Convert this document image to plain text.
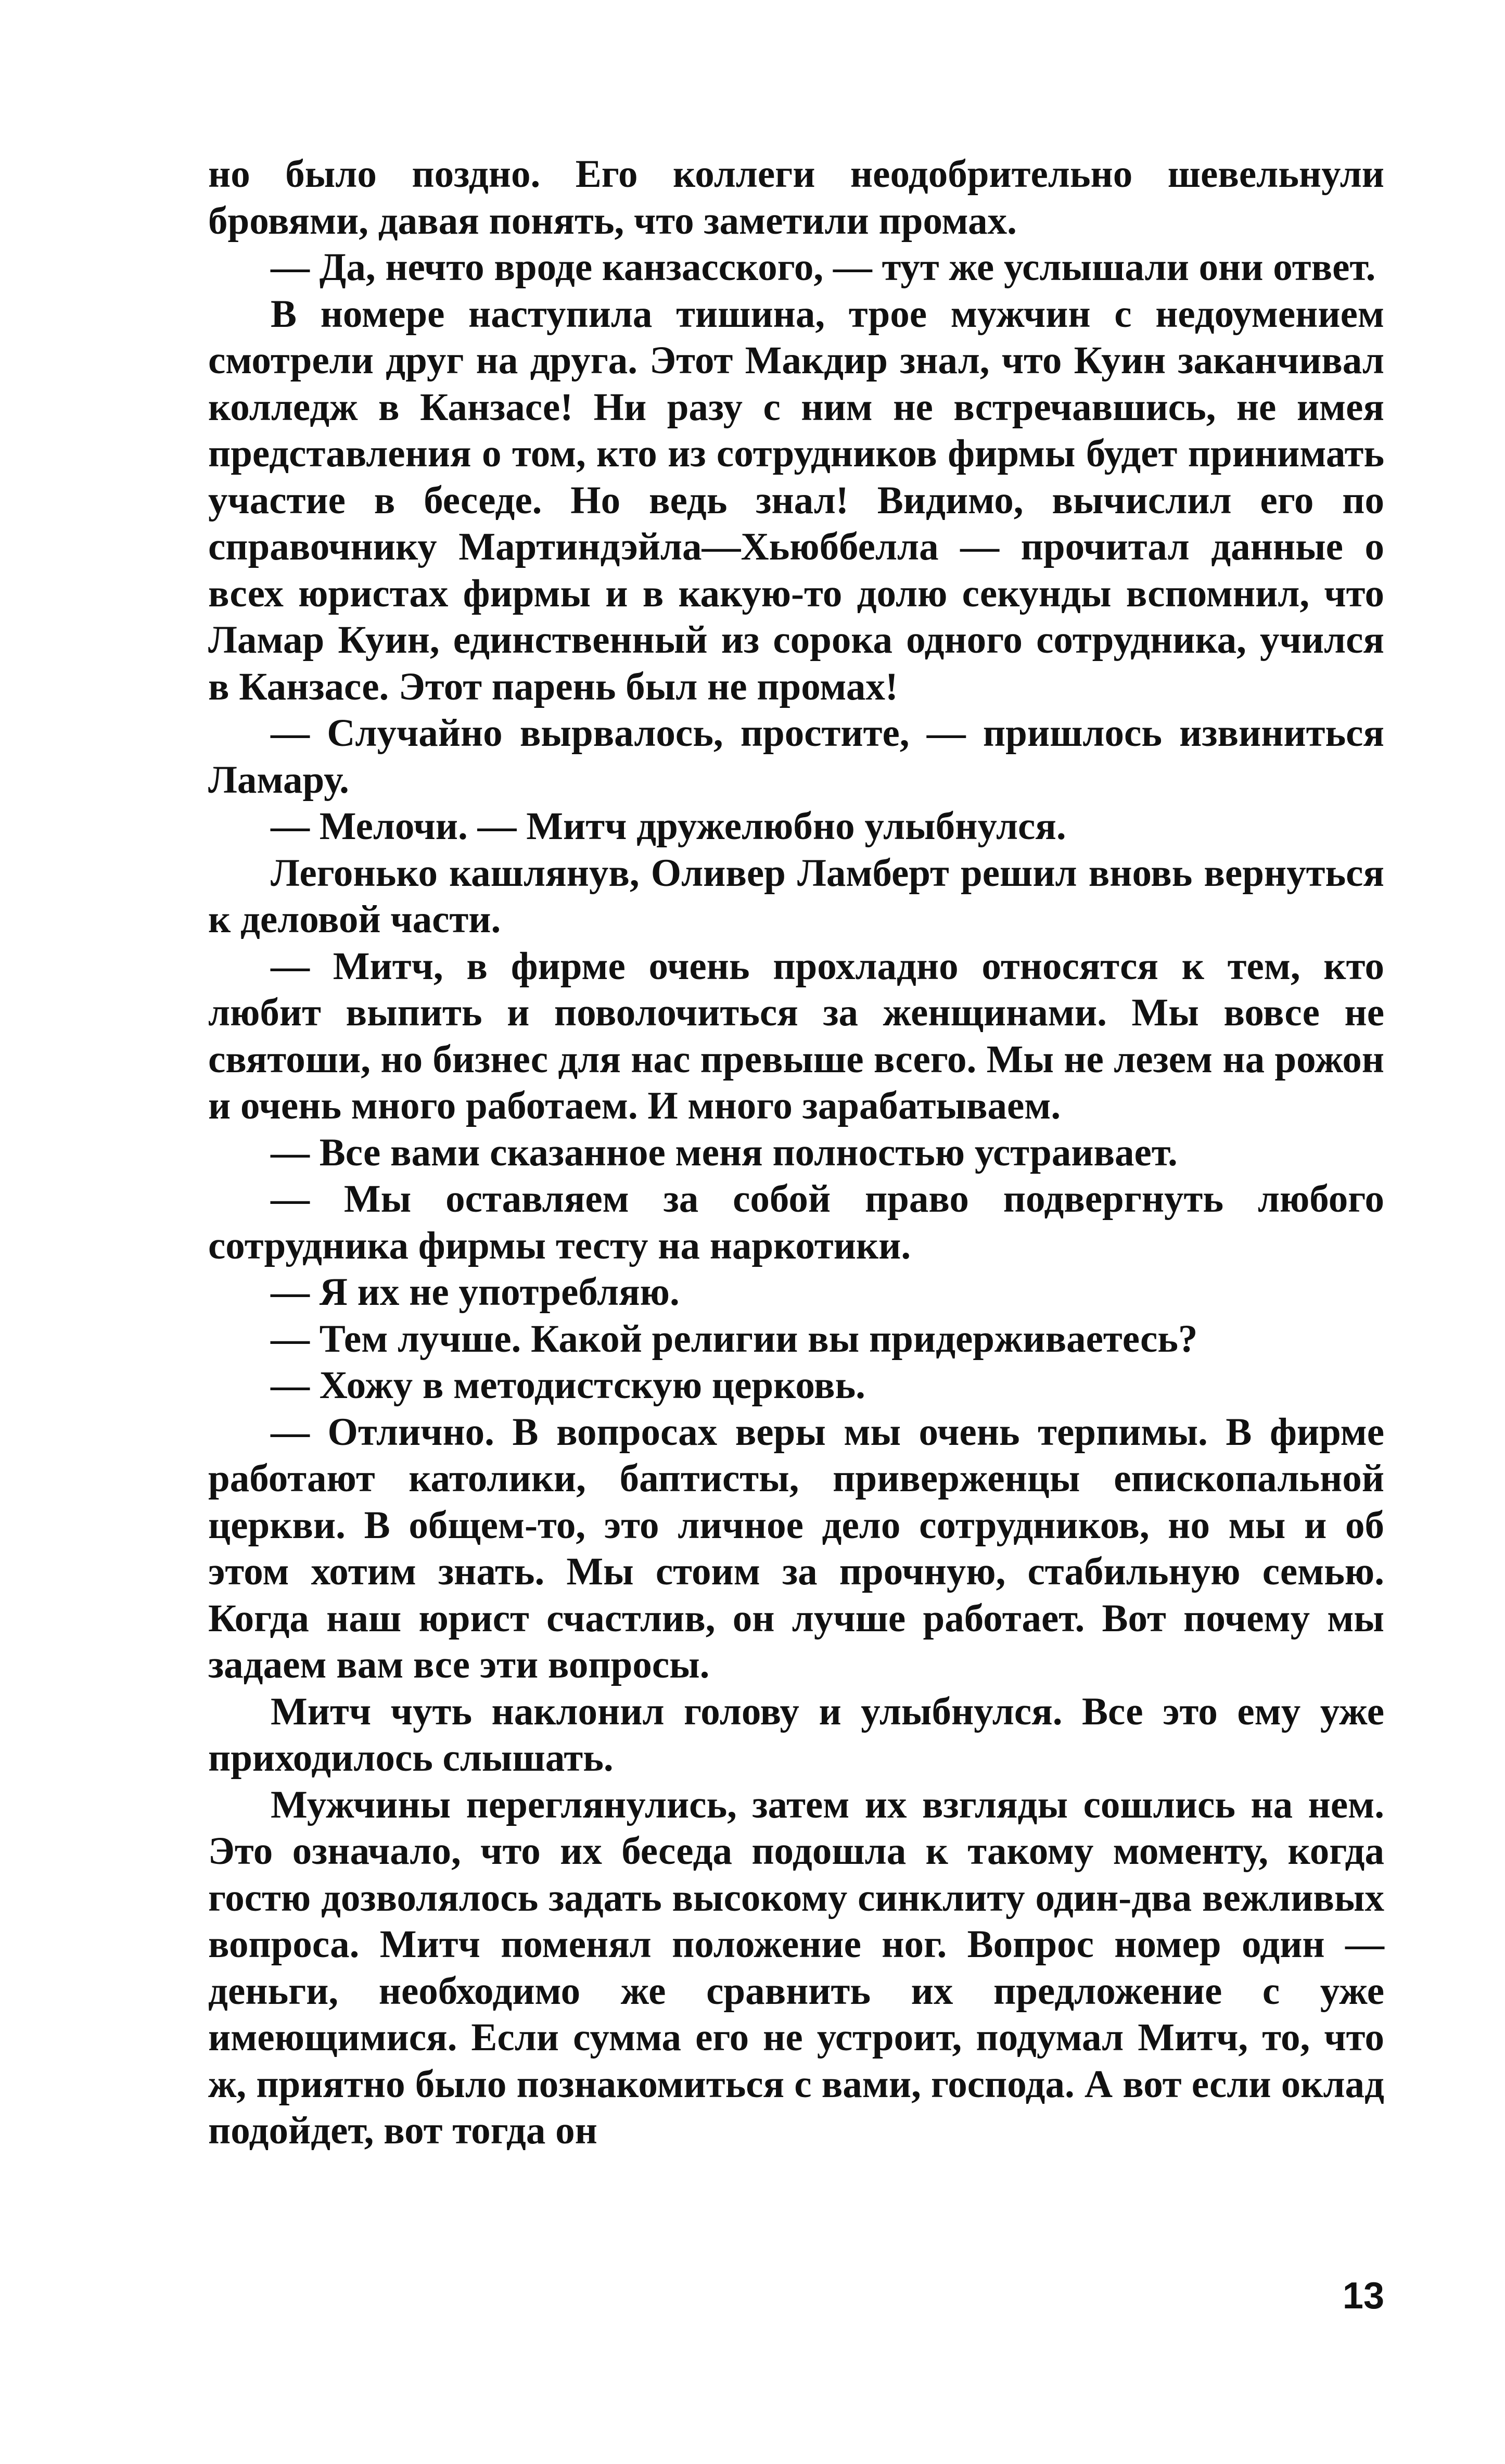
но было поздно. Его коллеги неодобрительно шевельнули бровями, давая понять, что заметили промах.

— Да, нечто вроде канзасского, — тут же услышали они ответ.

В номере наступила тишина, трое мужчин с недоумением смотрели друг на друга. Этот Макдир знал, что Куин заканчивал колледж в Канзасе! Ни разу с ним не встречавшись, не имея представления о том, кто из сотрудников фирмы будет принимать участие в беседе. Но ведь знал! Видимо, вычислил его по справочнику Мартиндэйла—Хьюббелла — прочитал данные о всех юристах фирмы и в какую-то долю секунды вспомнил, что Ламар Куин, единственный из сорока одного сотрудника, учился в Канзасе. Этот парень был не промах!

— Случайно вырвалось, простите, — пришлось извиниться Ламару.

— Мелочи. — Митч дружелюбно улыбнулся.

Легонько кашлянув, Оливер Ламберт решил вновь вернуться к деловой части.

— Митч, в фирме очень прохладно относятся к тем, кто любит выпить и поволочиться за женщинами. Мы вовсе не святоши, но бизнес для нас превыше всего. Мы не лезем на рожон и очень много работаем. И много зарабатываем.

— Все вами сказанное меня полностью устраивает.

— Мы оставляем за собой право подвергнуть любого сотрудника фирмы тесту на наркотики.

— Я их не употребляю.

— Тем лучше. Какой религии вы придерживаетесь?

— Хожу в методистскую церковь.

— Отлично. В вопросах веры мы очень терпимы. В фирме работают католики, баптисты, приверженцы епископальной церкви. В общем-то, это личное дело сотрудников, но мы и об этом хотим знать. Мы стоим за прочную, стабильную семью. Когда наш юрист счастлив, он лучше работает. Вот почему мы задаем вам все эти вопросы.

Митч чуть наклонил голову и улыбнулся. Все это ему уже приходилось слышать.

Мужчины переглянулись, затем их взгляды сошлись на нем. Это означало, что их беседа подошла к такому моменту, когда гостю дозволялось задать высокому синклиту один-два вежливых вопроса. Митч поменял положение ног. Вопрос номер один — деньги, необходимо же сравнить их предложение с уже имеющимися. Если сумма его не устроит, подумал Митч, то, что ж, приятно было познакомиться с вами, господа. А вот если оклад подойдет, вот тогда он

13
